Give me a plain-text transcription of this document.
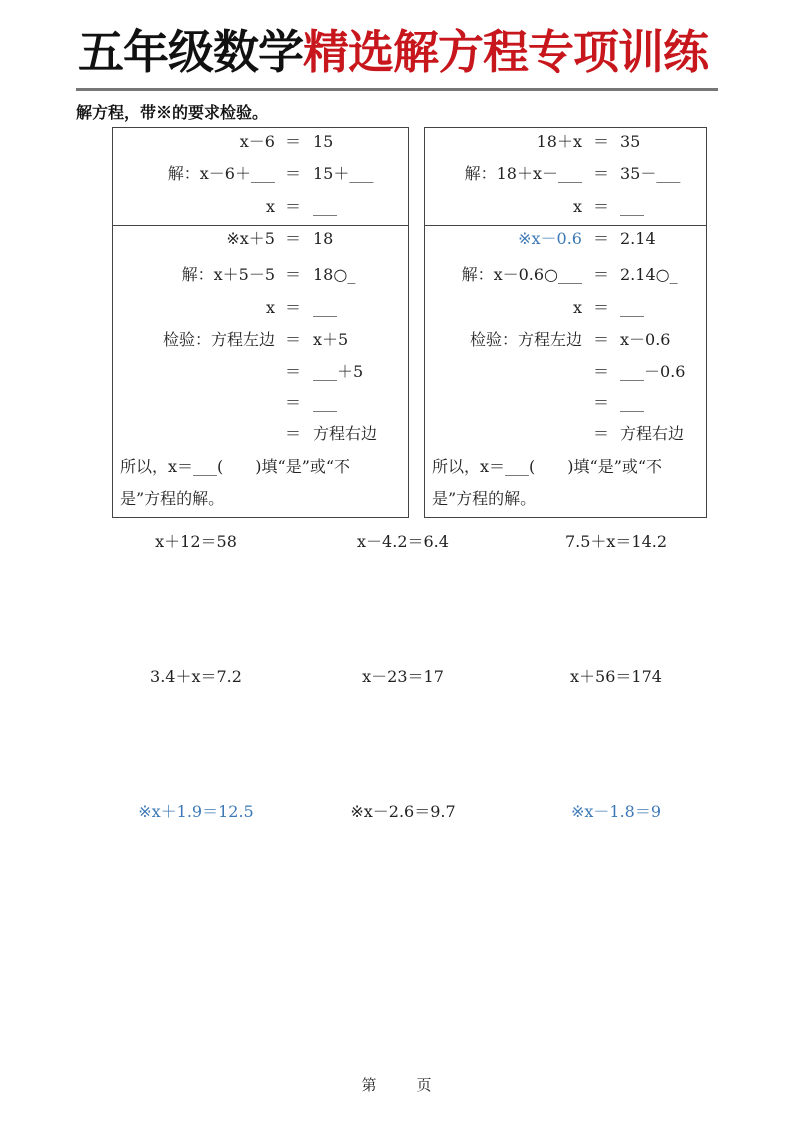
五年级数学精选解方程专项训练
解方程，带※的要求检验。
x－6 ＝ 15
解：x－6＋___ ＝ 15＋___
x ＝ ___
18＋x ＝ 35
解：18＋x－___ ＝ 35－___
x ＝ ___
※x＋5 ＝ 18
解：x＋5－5 ＝ 18○_
x ＝ ___
检验：方程左边 ＝ x＋5
＝ ___＋5
＝ ___
＝ 方程右边
所以，x＝___(　　)填“是”或“不
是”方程的解。
※x－0.6 ＝ 2.14
解：x－0.6○___ ＝ 2.14○_
x ＝ ___
检验：方程左边 ＝ x－0.6
＝ ___－0.6
＝ ___
＝ 方程右边
所以，x＝___(　　)填“是”或“不
是”方程的解。
x＋12＝58	x－4.2＝6.4	7.5＋x＝14.2
3.4＋x＝7.2	x－23＝17	x＋56＝174
※x＋1.9＝12.5	※x－2.6＝9.7	※x－1.8＝9
第	页
